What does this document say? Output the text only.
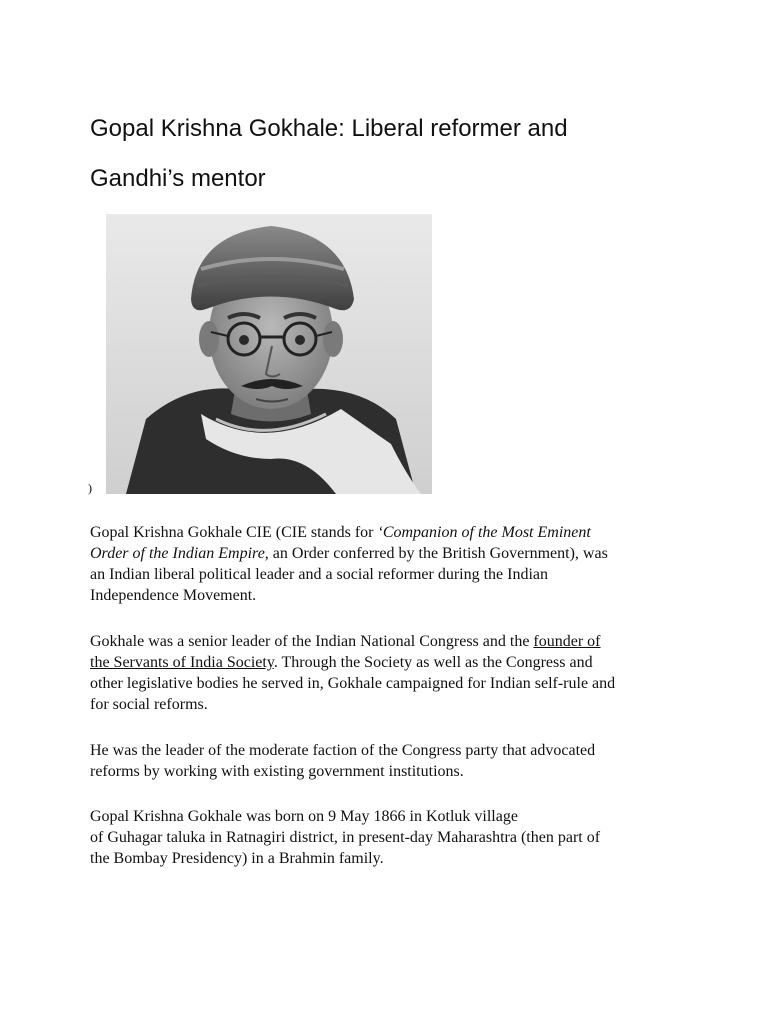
Gopal Krishna Gokhale: Liberal reformer and
Gandhi’s mentor
)

Gopal Krishna Gokhale CIE (CIE stands for ‘Companion of the Most Eminent
Order of the Indian Empire, an Order conferred by the British Government), was
an Indian liberal political leader and a social reformer during the Indian
Independence Movement.

Gokhale was a senior leader of the Indian National Congress and the founder of
the Servants of India Society. Through the Society as well as the Congress and
other legislative bodies he served in, Gokhale campaigned for Indian self-rule and
for social reforms.

He was the leader of the moderate faction of the Congress party that advocated
reforms by working with existing government institutions.

Gopal Krishna Gokhale was born on 9 May 1866 in Kotluk village
of Guhagar taluka in Ratnagiri district, in present-day Maharashtra (then part of
the Bombay Presidency) in a Brahmin family.
